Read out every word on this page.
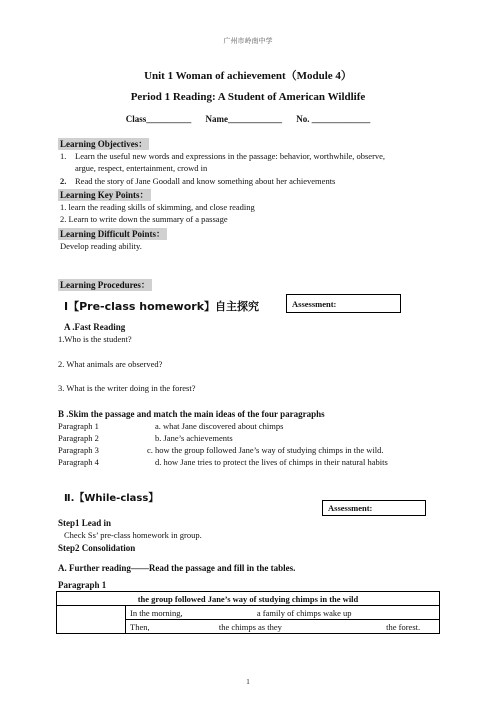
广州市岭南中学
Unit 1 Woman of achievement（Module 4）
Period 1 Reading: A Student of American Wildlife
Class__________ Name____________ No. _____________
Learning Objectives：
1. Learn the useful new words and expressions in the passage: behavior, worthwhile, observe,
argue, respect, entertainment, crowd in
2. Read the story of Jane Goodall and know something about her achievements
Learning Key Points：
1. learn the reading skills of skimming, and close reading
2. Learn to write down the summary of a passage
Learning Difficult Points：
Develop reading ability.
Learning Procedures：
Ⅰ【Pre-class homework】自主探究	Assessment:
A .Fast Reading
1.Who is the student?
2. What animals are observed?
3. What is the writer doing in the forest?
B .Skim the passage and match the main ideas of the four paragraphs
Paragraph 1	a. what Jane discovered about chimps
Paragraph 2	b. Jane’s achievements
Paragraph 3	c. how the group followed Jane’s way of studying chimps in the wild.
Paragraph 4	d. how Jane tries to protect the lives of chimps in their natural habits
Ⅱ.【While-class】
Assessment:
Step1 Lead in
Check Ss’ pre-class homework in group.
Step2 Consolidation
A. Further reading——Read the passage and fill in the tables.
Paragraph 1
the group followed Jane’s way of studying chimps in the wild
	In the morning,	a family of chimps wake up
Then,	the chimps as they	the forest.
1
